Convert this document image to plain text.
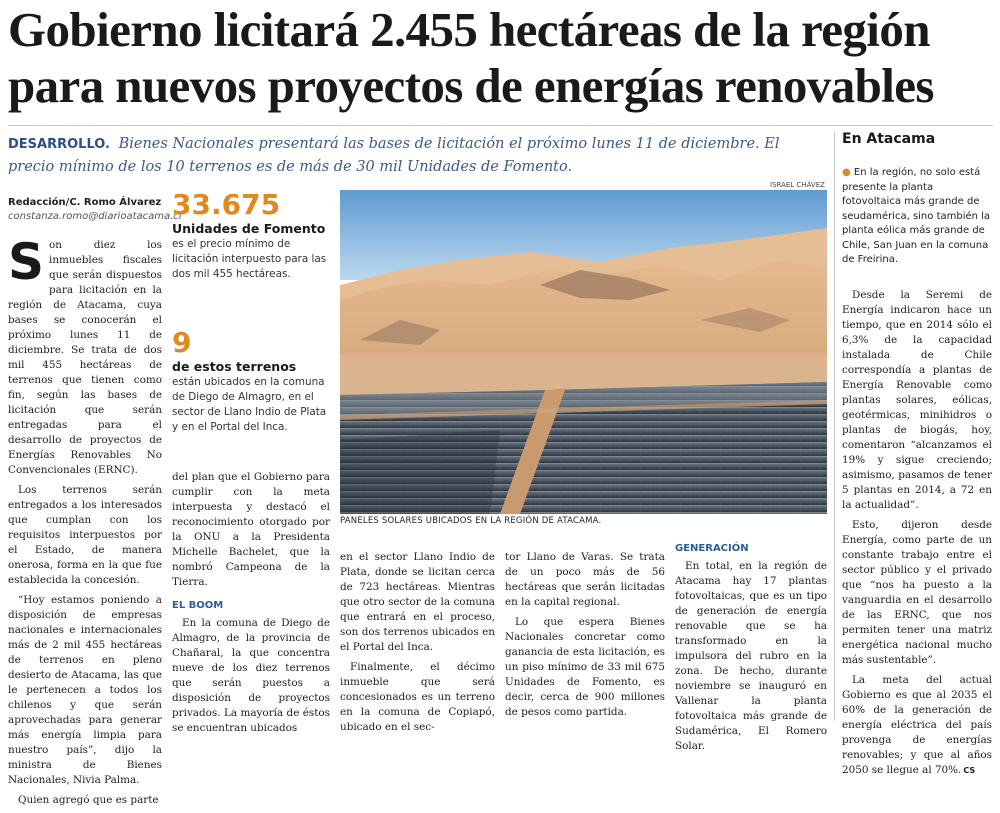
Gobierno licitará 2.455 hectáreas de la región para nuevos proyectos de energías renovables
DESARROLLO. Bienes Nacionales presentará las bases de licitación el próximo lunes 11 de diciembre. El precio mínimo de los 10 terrenos es de más de 30 mil Unidades de Fomento.
Redacción/C. Romo Álvarez
constanza.romo@diarioatacama.cl

Son diez los inmuebles fiscales que serán dispuestos para licitación en la región de Atacama, cuya bases se conocerán el próximo lunes 11 de diciembre. Se trata de dos mil 455 hectáreas de terrenos que tienen como fin, según las bases de licitación que serán entregadas para el desarrollo de proyectos de Energías Renovables No Convencionales (ERNC).

Los terrenos serán entregados a los interesados que cumplan con los requisitos interpuestos por el Estado, de manera onerosa, forma en la que fue establecida la concesión.

“Hoy estamos poniendo a disposición de empresas nacionales e internacionales más de 2 mil 455 hectáreas de terrenos en pleno desierto de Atacama, las que le pertenecen a todos los chilenos y que serán aprovechadas para generar más energía limpia para nuestro país”, dijo la ministra de Bienes Nacionales, Nivia Palma.

Quien agregó que es parte

33.675
Unidades de Fomento
es el precio mínimo de licitación interpuesto para las dos mil 455 hectáreas.
9
de estos terrenos
están ubicados en la comuna de Diego de Almagro, en el sector de Llano Indio de Plata y en el Portal del Inca.

del plan que el Gobierno para cumplir con la meta interpuesta y destacó el reconocimiento otorgado por la ONU a la Presidenta Michelle Bachelet, que la nombró Campeona de la Tierra.

EL BOOM

En la comuna de Diego de Almagro, de la provincia de Chañaral, la que concentra nueve de los diez terrenos que serán puestos a disposición de proyectos privados. La mayoría de éstos se encuentran ubicados

ISRAEL CHÁVEZ
PANELES SOLARES UBICADOS EN LA REGIÓN DE ATACAMA.

en el sector Llano Indio de Plata, donde se licitan cerca de 723 hectáreas. Mientras que otro sector de la comuna que entrará en el proceso, son dos terrenos ubicados en el Portal del Inca.

Finalmente, el décimo inmueble que será concesionados es un terreno en la comuna de Copiapó, ubicado en el sec-

tor Llano de Varas. Se trata de un poco más de 56 hectáreas que serán licitadas en la capital regional.

Lo que espera Bienes Nacionales concretar como ganancia de esta licitación, es un piso mínimo de 33 mil 675 Unidades de Fomento, es decir, cerca de 900 millones de pesos como partida.

GENERACIÓN

En total, en la región de Atacama hay 17 plantas fotovoltaicas, que es un tipo de generación de energía renovable que se ha transformado en la impulsora del rubro en la zona. De hecho, durante noviembre se inauguró en Vallenar la planta fotovoltaica más grande de Sudamérica, El Romero Solar.

En Atacama
● En la región, no solo está presente la planta fotovoltaica más grande de seudamérica, sino también la planta eólica más grande de Chile, San Juan en la comuna de Freirina.

Desde la Seremi de Energía indicaron hace un tiempo, que en 2014 sólo el 6,3% de la capacidad instalada de Chile correspondía a plantas de Energía Renovable como plantas solares, eólicas, geotérmicas, minihidros o plantas de biogás, hoy, comentaron “alcanzamos el 19% y sigue creciendo; asimismo, pasamos de tener 5 plantas en 2014, a 72 en la actualidad”.

Esto, dijeron desde Energía, como parte de un constante trabajo entre el sector público y el privado que “nos ha puesto a la vanguardia en el desarrollo de las ERNC, que nos permiten tener una matriz energética nacional mucho más sustentable”.

La meta del actual Gobierno es que al 2035 el 60% de la generación de energía eléctrica del país provenga de energías renovables; y que al años 2050 se llegue al 70%. CS
